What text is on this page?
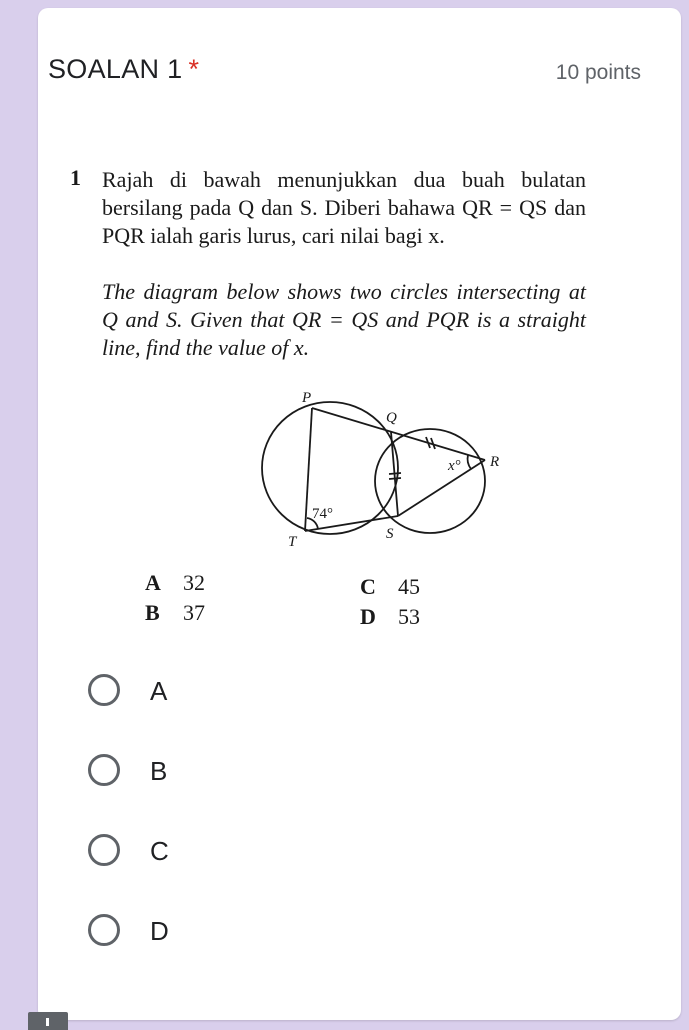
SOALAN 1 *	10 points
1 Rajah di bawah menunjukkan dua buah bulatan bersilang pada Q dan S. Diberi bahawa QR = QS dan PQR ialah garis lurus, cari nilai bagi x.
The diagram below shows two circles intersecting at Q and S. Given that QR = QS and PQR is a straight line, find the value of x.
P
Q
R
S
T
74°
x°
A 32
B 37
C 45
D 53
A
B
C
D
